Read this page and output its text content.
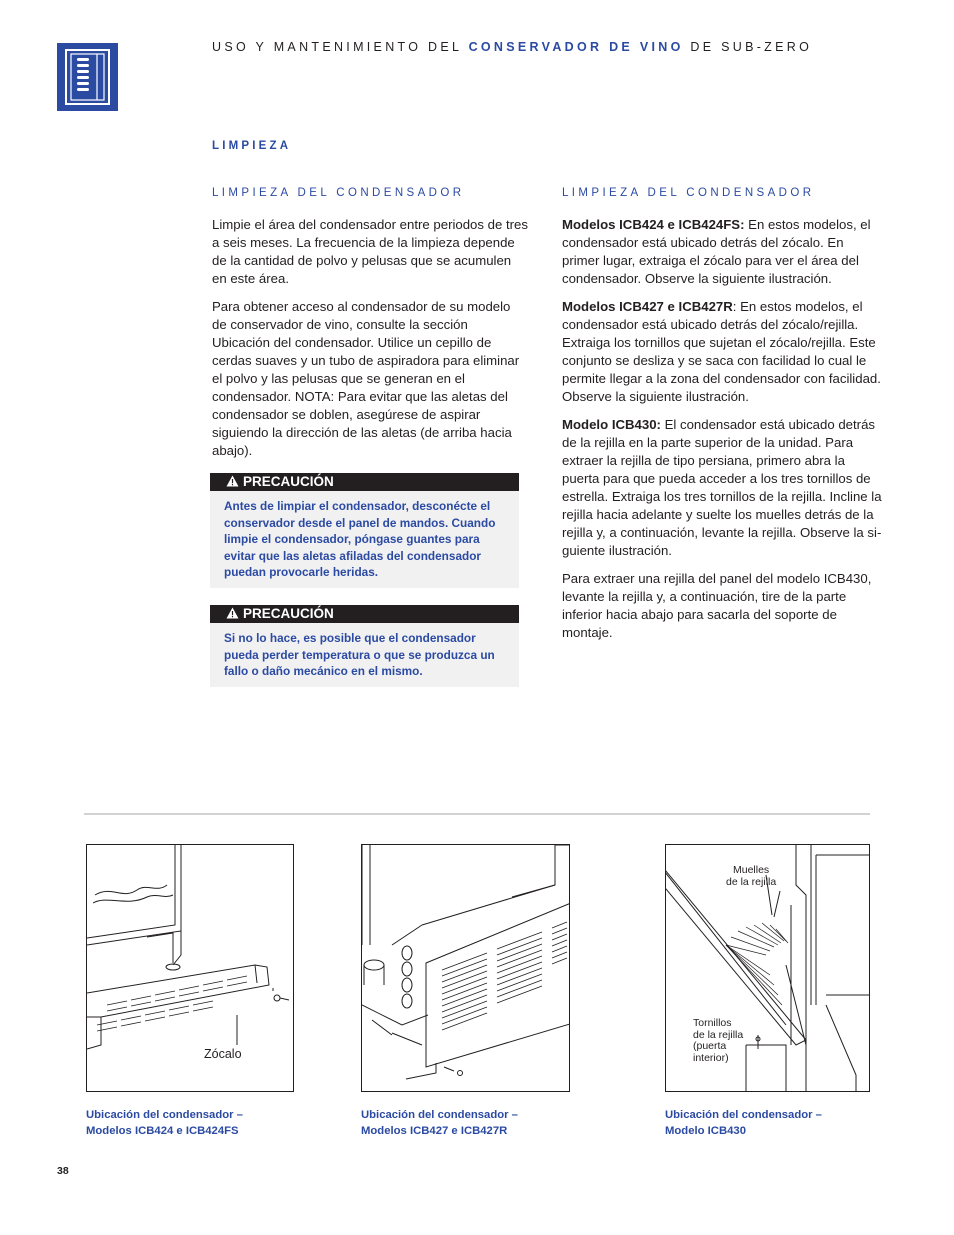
USO Y MANTENIMIENTO DEL CONSERVADOR DE VINO DE SUB-ZERO
LIMPIEZA
LIMPIEZA DEL CONDENSADOR

Limpie el área del condensador entre periodos de tres a seis meses. La frecuencia de la limpieza depende de la cantidad de polvo y pelusas que se acumulen en este área.

Para obtener acceso al condensador de su modelo de conservador de vino, consulte la sección Ubicación del condensador. Utilice un cepillo de cerdas suaves y un tubo de aspiradora para eliminar el polvo y las pelusas que se generan en el condensador. NOTA: Para evitar que las aletas del condensador se doblen, asegúrese de aspirar siguiendo la dirección de las aletas (de arriba hacia abajo).

PRECAUCIÓN
Antes de limpiar el condensador, desconécte el conservador desde el panel de mandos. Cuando limpie el condensador, póngase guantes para evitar que las aletas afiladas del condensador puedan provocarle heridas.
PRECAUCIÓN
Si no lo hace, es posible que el condensador pueda perder temperatura o que se produzca un fallo o daño mecánico en el mismo.
LIMPIEZA DEL CONDENSADOR

Modelos ICB424 e ICB424FS: En estos modelos, el condensador está ubicado detrás del zócalo. En primer lugar, extraiga el zócalo para ver el área del condensador. Observe la siguiente ilustración.

Modelos ICB427 e ICB427R: En estos modelos, el condensador está ubicado detrás del zócalo/rejilla. Extraiga los tornillos que sujetan el zócalo/rejilla. Este conjunto se desliza y se saca con facilidad lo cual le permite llegar a la zona del condensador con facilidad. Observe la siguiente ilustración.

Modelo ICB430: El condensador está ubicado detrás de la rejilla en la parte superior de la unidad. Para extraer la rejilla de tipo persiana, primero abra la puerta para que pueda acceder a los tres tornillos de estrella. Extraiga los tres tornillos de la rejilla. Incline la rejilla hacia adelante y suelte los muelles detrás de la rejilla y, a continuación, levante la rejilla. Observe la si-guiente ilustración.

Para extraer una rejilla del panel del modelo ICB430, levante la rejilla y, a continuación, tire de la parte inferior hacia abajo para sacarla del soporte de montaje.

Zócalo
Muelles
de la rejilla
Tornillos
de la rejilla
(puerta
interior)
Ubicación del condensador –
Modelos ICB424 e ICB424FS
Ubicación del condensador –
Modelos ICB427 e ICB427R
Ubicación del condensador –
Modelo ICB430
38
